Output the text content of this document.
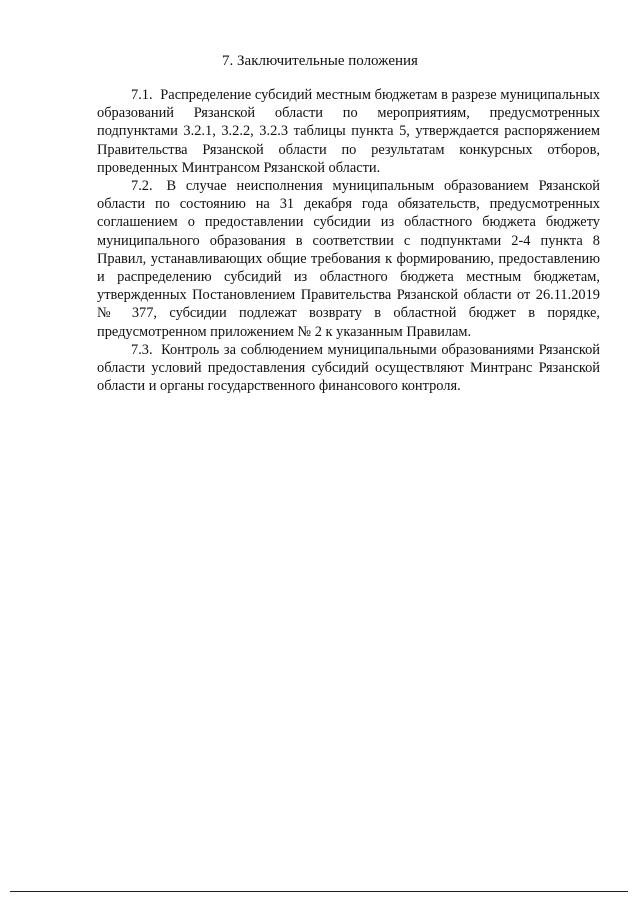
7. Заключительные положения

7.1. Распределение субсидий местным бюджетам в разрезе муниципальных образований Рязанской области по мероприятиям, предусмотренных подпунктами 3.2.1, 3.2.2, 3.2.3 таблицы пункта 5, утверждается распоряжением Правительства Рязанской области по результатам конкурсных отборов, проведенных Минтрансом Рязанской области.

7.2. В случае неисполнения муниципальным образованием Рязанской области по состоянию на 31 декабря года обязательств, предусмотренных соглашением о предоставлении субсидии из областного бюджета бюджету муниципального образования в соответствии с подпунктами 2-4 пункта 8 Правил, устанавливающих общие требования к формированию, предоставлению и распределению субсидий из областного бюджета местным бюджетам, утвержденных Постановлением Правительства Рязанской области от 26.11.2019 № 377, субсидии подлежат возврату в областной бюджет в порядке, предусмотренном приложением № 2 к указанным Правилам.

7.3. Контроль за соблюдением муниципальными образованиями Рязанской области условий предоставления субсидий осуществляют Минтранс Рязанской области и органы государственного финансового контроля.
